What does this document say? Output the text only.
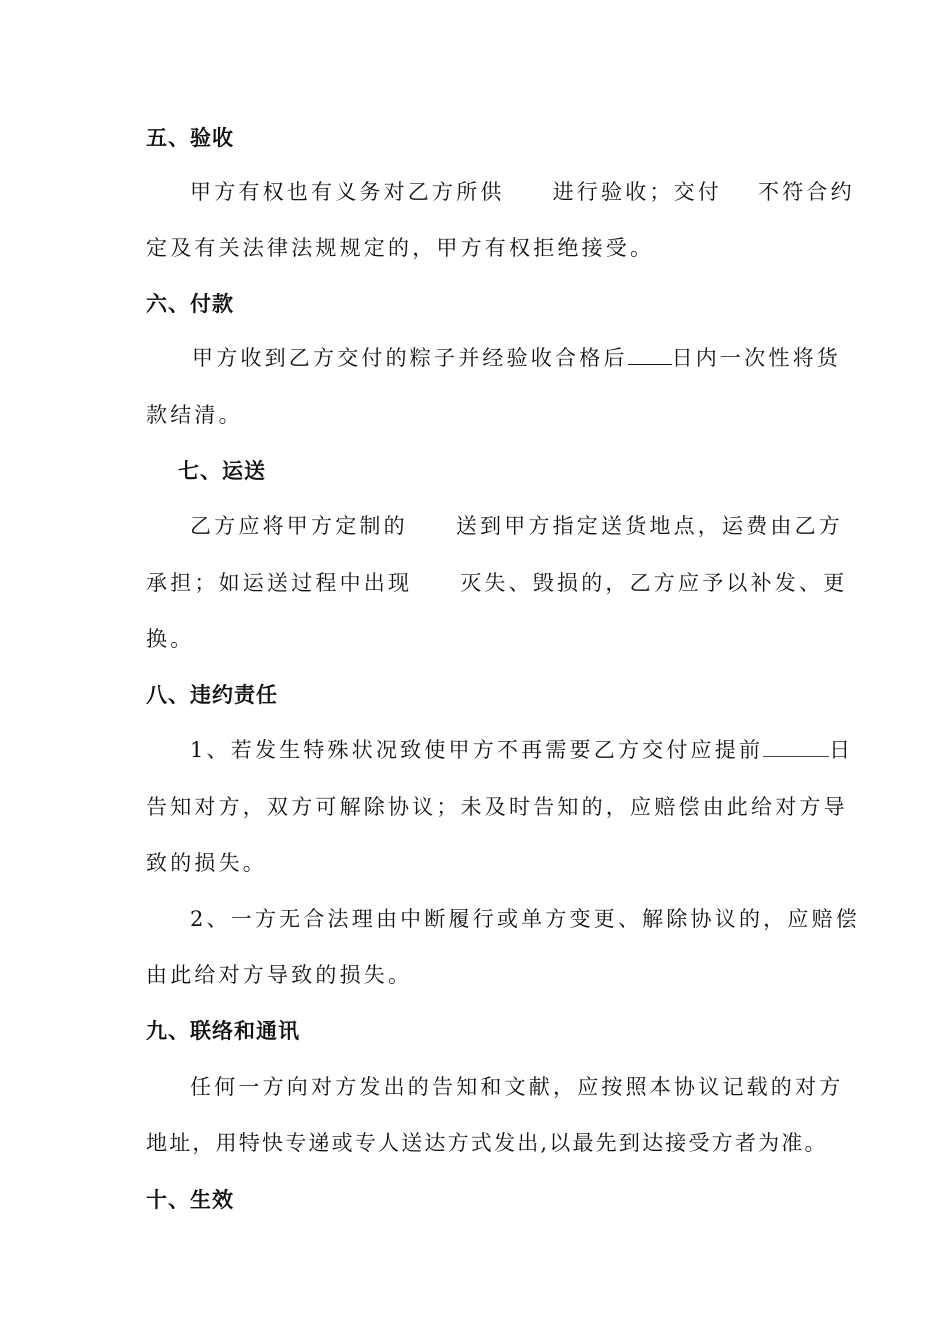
五、验收
甲方有权也有义务对乙方所供 进行验收；交付 不符合约
定及有关法律法规规定的，甲方有权拒绝接受。
六、付款
甲方收到乙方交付的粽子并经验收合格后 日内一次性将货
款结清。
七、运送
乙方应将甲方定制的 送到甲方指定送货地点，运费由乙方
承担；如运送过程中出现 灭失、毁损的，乙方应予以补发、更
换。
八、违约责任
1、若发生特殊状况致使甲方不再需要乙方交付应提前	日
告知对方，双方可解除协议；未及时告知的，应赔偿由此给对方导
致的损失。
2、一方无合法理由中断履行或单方变更、解除协议的，应赔偿
由此给对方导致的损失。
九、联络和通讯
任何一方向对方发出的告知和文献，应按照本协议记载的对方
地址，用特快专递或专人送达方式发出,以最先到达接受方者为准。
十、生效
